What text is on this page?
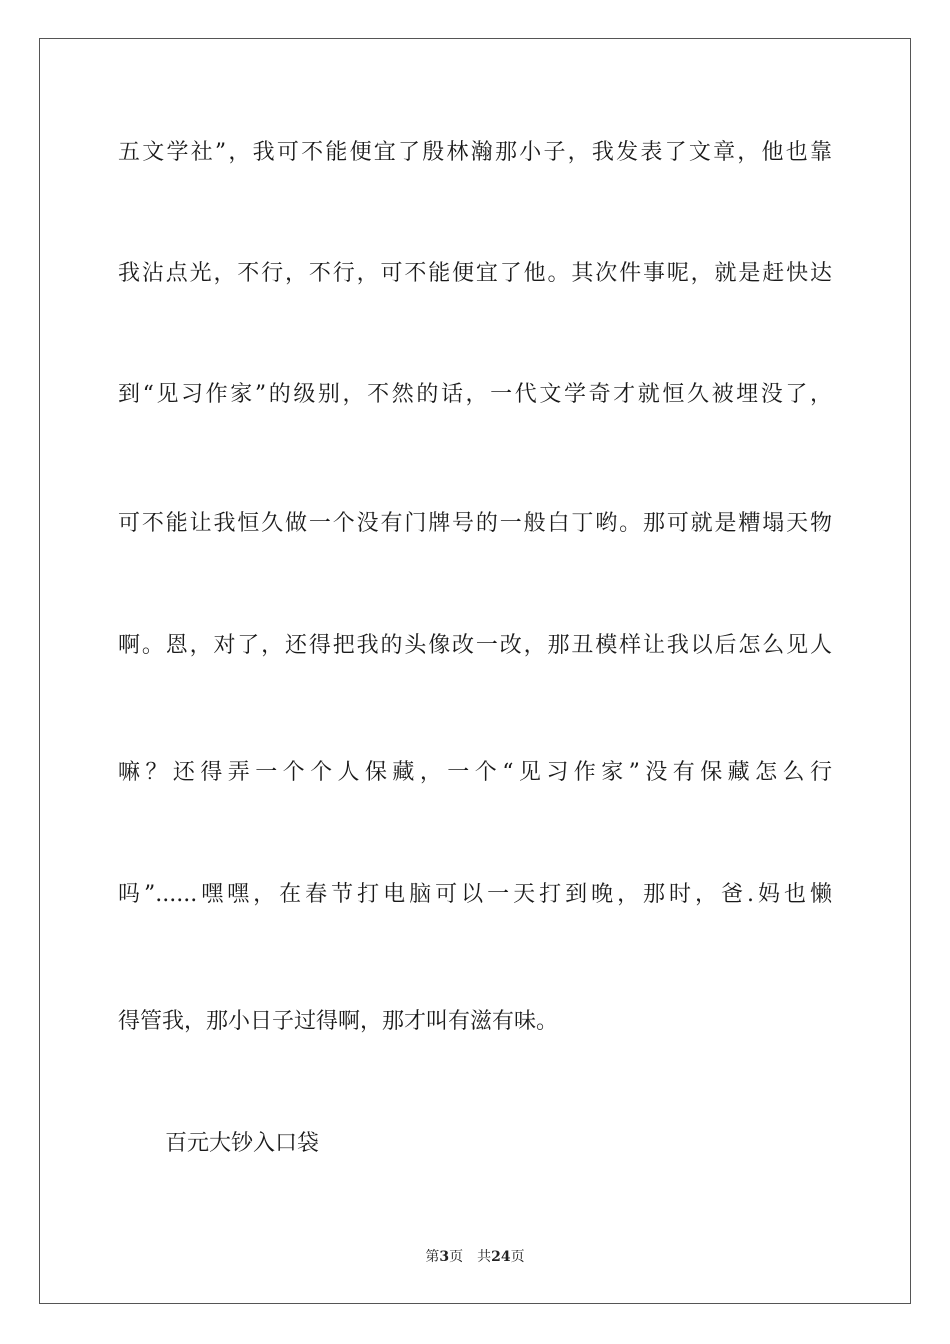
五文学社”，我可不能便宜了殷林瀚那小子，我发表了文章，他也靠
我沾点光，不行，不行，可不能便宜了他。其次件事呢，就是赶快达
到“见习作家”的级别，不然的话，一代文学奇才就恒久被埋没了，
可不能让我恒久做一个没有门牌号的一般白丁哟。那可就是糟塌天物
啊。恩，对了，还得把我的头像改一改，那丑模样让我以后怎么见人
嘛？还得弄一个个人保藏，一个“见习作家”没有保藏怎么行
吗”......嘿嘿，在春节打电脑可以一天打到晚，那时，爸.妈也懒
得管我，那小日子过得啊，那才叫有滋有味。
百元大钞入口袋
第3页 共24页
